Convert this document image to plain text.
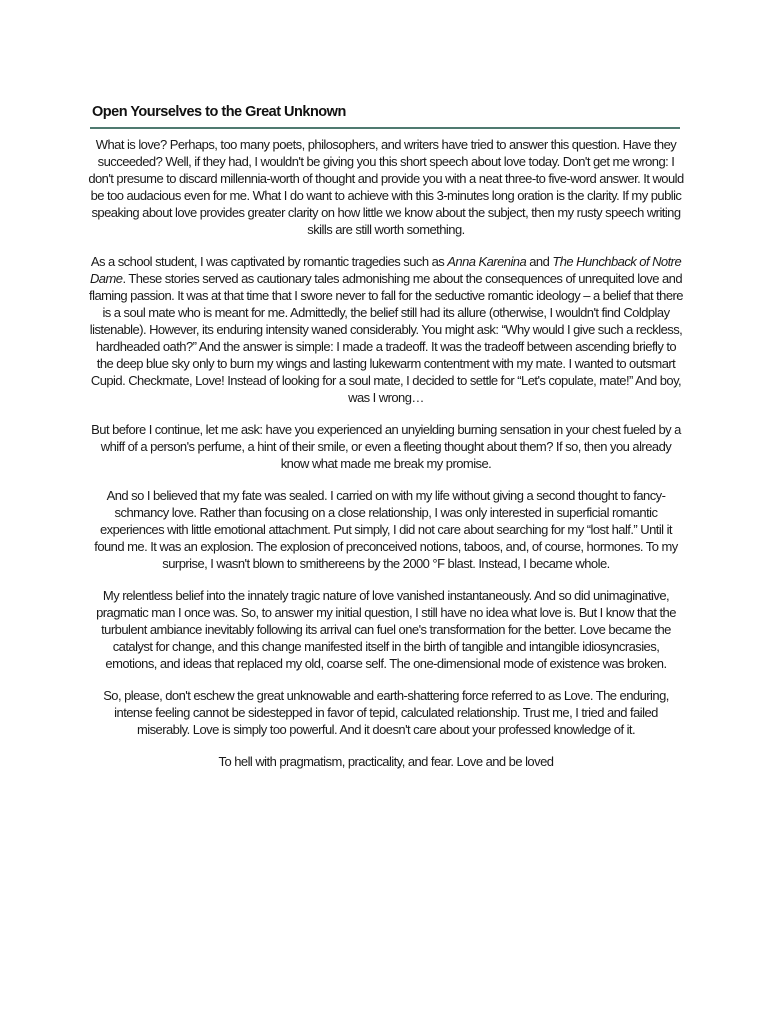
Open Yourselves to the Great Unknown

What is love? Perhaps, too many poets, philosophers, and writers have tried to answer this question. Have they succeeded? Well, if they had, I wouldn't be giving you this short speech about love today. Don't get me wrong: I don't presume to discard millennia-worth of thought and provide you with a neat three-to five-word answer. It would be too audacious even for me. What I do want to achieve with this 3-minutes long oration is the clarity. If my public speaking about love provides greater clarity on how little we know about the subject, then my rusty speech writing skills are still worth something.

As a school student, I was captivated by romantic tragedies such as Anna Karenina and The Hunchback of Notre Dame. These stories served as cautionary tales admonishing me about the consequences of unrequited love and flaming passion. It was at that time that I swore never to fall for the seductive romantic ideology – a belief that there is a soul mate who is meant for me. Admittedly, the belief still had its allure (otherwise, I wouldn't find Coldplay listenable). However, its enduring intensity waned considerably. You might ask: “Why would I give such a reckless, hardheaded oath?” And the answer is simple: I made a tradeoff. It was the tradeoff between ascending briefly to the deep blue sky only to burn my wings and lasting lukewarm contentment with my mate. I wanted to outsmart Cupid. Checkmate, Love! Instead of looking for a soul mate, I decided to settle for “Let's copulate, mate!” And boy, was I wrong…

But before I continue, let me ask: have you experienced an unyielding burning sensation in your chest fueled by a whiff of a person's perfume, a hint of their smile, or even a fleeting thought about them? If so, then you already know what made me break my promise.

And so I believed that my fate was sealed. I carried on with my life without giving a second thought to fancy-schmancy love. Rather than focusing on a close relationship, I was only interested in superficial romantic experiences with little emotional attachment. Put simply, I did not care about searching for my “lost half.” Until it found me. It was an explosion. The explosion of preconceived notions, taboos, and, of course, hormones. To my surprise, I wasn't blown to smithereens by the 2000 °F blast. Instead, I became whole.

My relentless belief into the innately tragic nature of love vanished instantaneously. And so did unimaginative, pragmatic man I once was. So, to answer my initial question, I still have no idea what love is. But I know that the turbulent ambiance inevitably following its arrival can fuel one's transformation for the better. Love became the catalyst for change, and this change manifested itself in the birth of tangible and intangible idiosyncrasies, emotions, and ideas that replaced my old, coarse self. The one-dimensional mode of existence was broken.

So, please, don't eschew the great unknowable and earth-shattering force referred to as Love. The enduring, intense feeling cannot be sidestepped in favor of tepid, calculated relationship. Trust me, I tried and failed miserably. Love is simply too powerful. And it doesn't care about your professed knowledge of it.

To hell with pragmatism, practicality, and fear. Love and be loved
